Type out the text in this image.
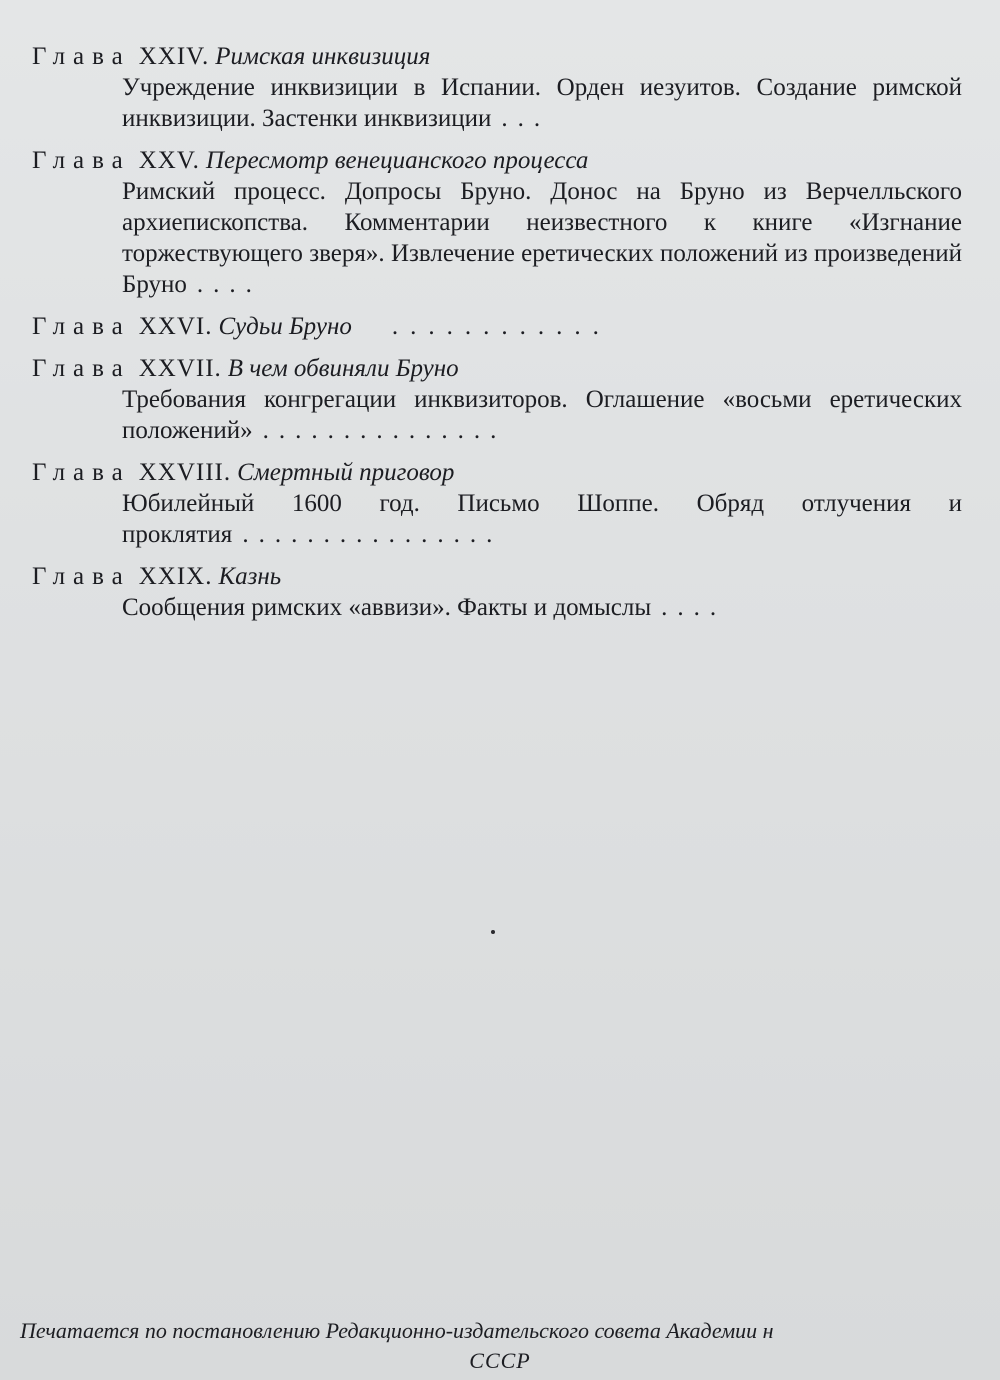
Глава XXIV. Римская инквизиция
Учреждение инквизиции в Испании. Орден иезуитов. Создание римской инквизиции. Застенки инквизиции ...
Глава XXV. Пересмотр венецианского процесса
Римский процесс. Допросы Бруно. Донос на Бруно из Верчелльского архиепископства. Комментарии неизвестного к книге «Изгнание торжествующего зверя». Извлечение еретических положений из произведений Бруно ....
Глава XXVI. Судьи Бруно ............
Глава XXVII. В чем обвиняли Бруно
Требования конгрегации инквизиторов. Оглашение «восьми еретических положений» ...............
Глава XXVIII. Смертный приговор
Юбилейный 1600 год. Письмо Шоппе. Обряд отлучения и проклятия ................
Глава XXIX. Казнь
Сообщения римских «аввизи». Факты и домыслы ....
Печатается по постановлению Редакционно-издательского совета Академии н
СССР
